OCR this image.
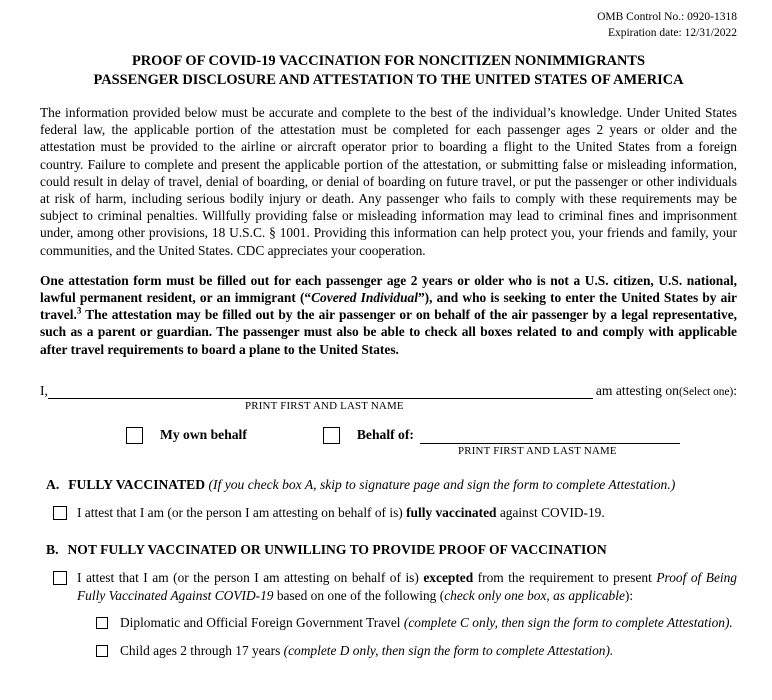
OMB Control No.: 0920-1318
Expiration date: 12/31/2022
PROOF OF COVID-19 VACCINATION FOR NONCITIZEN NONIMMIGRANTS
PASSENGER DISCLOSURE AND ATTESTATION TO THE UNITED STATES OF AMERICA
The information provided below must be accurate and complete to the best of the individual’s knowledge. Under United States federal law, the applicable portion of the attestation must be completed for each passenger ages 2 years or older and the attestation must be provided to the airline or aircraft operator prior to boarding a flight to the United States from a foreign country. Failure to complete and present the applicable portion of the attestation, or submitting false or misleading information, could result in delay of travel, denial of boarding, or denial of boarding on future travel, or put the passenger or other individuals at risk of harm, including serious bodily injury or death. Any passenger who fails to comply with these requirements may be subject to criminal penalties. Willfully providing false or misleading information may lead to criminal fines and imprisonment under, among other provisions, 18 U.S.C. § 1001. Providing this information can help protect you, your friends and family, your communities, and the United States. CDC appreciates your cooperation.
One attestation form must be filled out for each passenger age 2 years or older who is not a U.S. citizen, U.S. national, lawful permanent resident, or an immigrant (“Covered Individual”), and who is seeking to enter the United States by air travel.$^3$ The attestation may be filled out by the air passenger or on behalf of the air passenger by a legal representative, such as a parent or guardian. The passenger must also be able to check all boxes related to and comply with applicable after travel requirements to board a plane to the United States.
I,	am attesting on (Select one) :
PRINT FIRST AND LAST NAME
My own behalf	Behalf of:
PRINT FIRST AND LAST NAME
A. FULLY VACCINATED (If you check box A, skip to signature page and sign the form to complete Attestation.)
I attest that I am (or the person I am attesting on behalf of is) fully vaccinated against COVID-19.
B. NOT FULLY VACCINATED OR UNWILLING TO PROVIDE PROOF OF VACCINATION
I attest that I am (or the person I am attesting on behalf of is) excepted from the requirement to present Proof of Being Fully Vaccinated Against COVID-19 based on one of the following (check only one box, as applicable):
Diplomatic and Official Foreign Government Travel (complete C only, then sign the form to complete Attestation).
Child ages 2 through 17 years (complete D only, then sign the form to complete Attestation).
